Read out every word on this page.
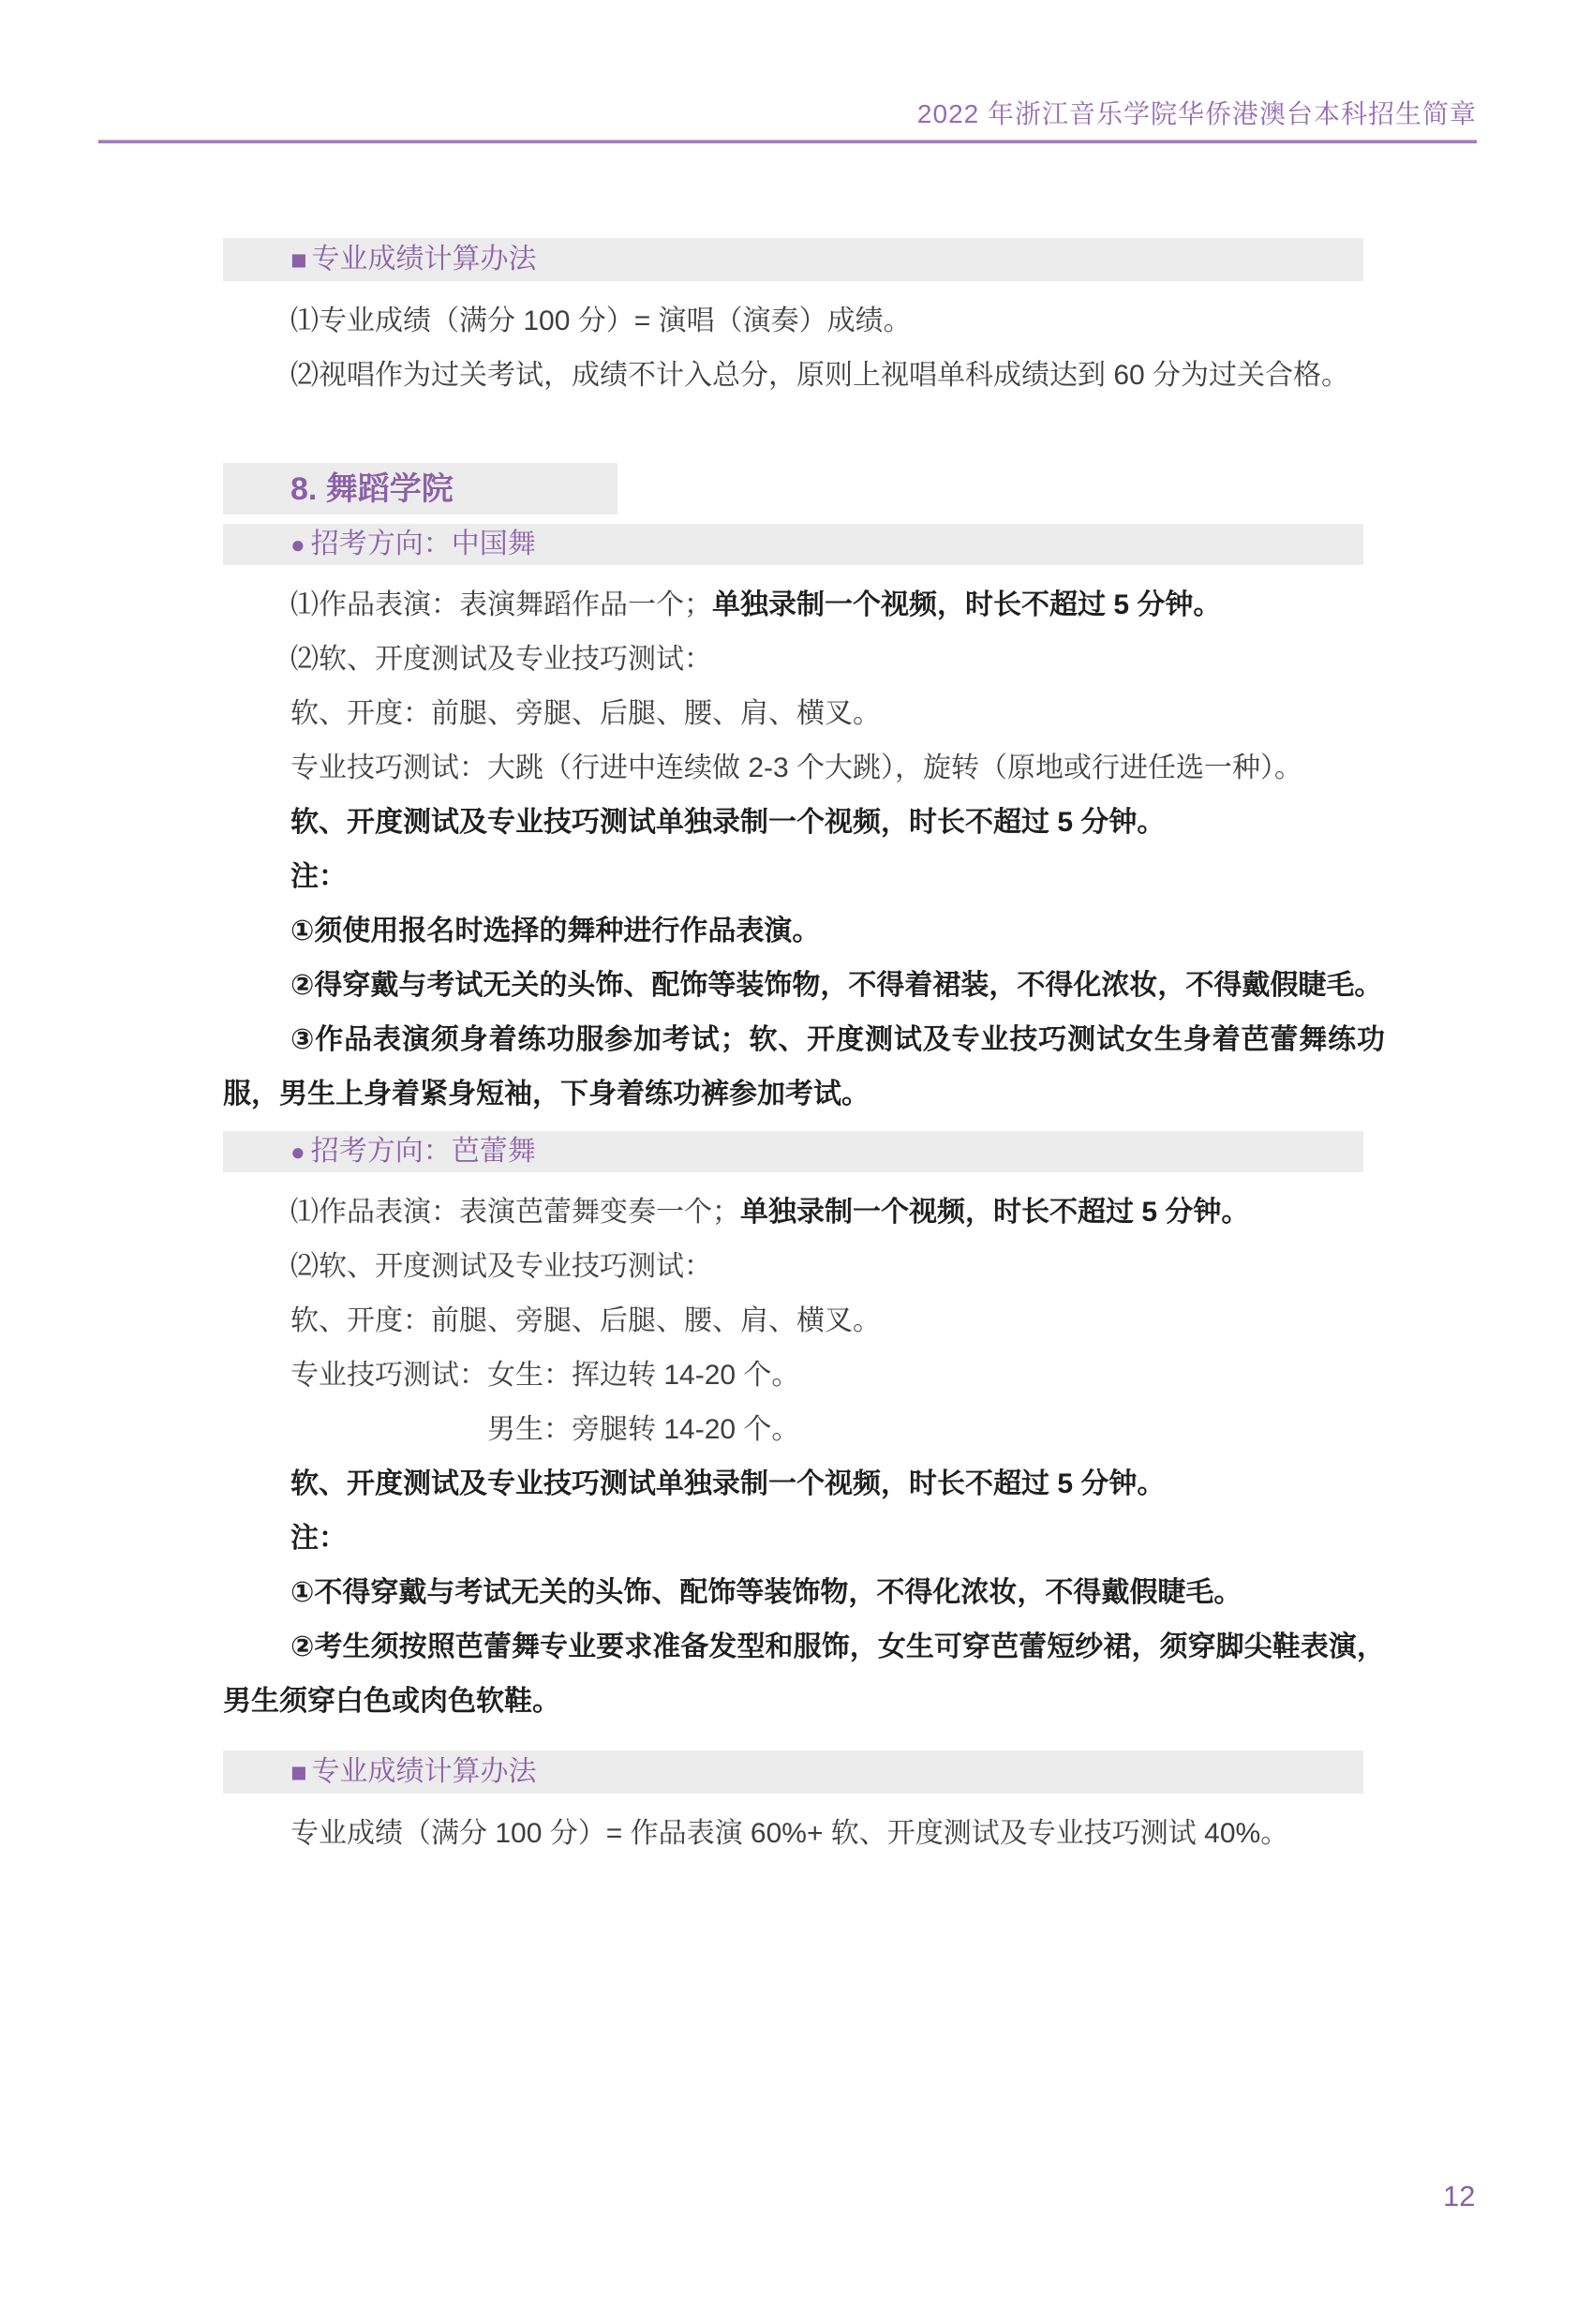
2022 年浙江音乐学院华侨港澳台本科招生简章
■ 专业成绩计算办法

⑴专业成绩（满分 100 分）= 演唱（演奏）成绩。

⑵视唱作为过关考试，成绩不计入总分，原则上视唱单科成绩达到 60 分为过关合格。

8. 舞蹈学院
● 招考方向：中国舞

⑴作品表演：表演舞蹈作品一个；单独录制一个视频，时长不超过 5 分钟。

⑵软、开度测试及专业技巧测试：

软、开度：前腿、旁腿、后腿、腰、肩、横叉。

专业技巧测试：大跳（行进中连续做 2-3 个大跳），旋转（原地或行进任选一种）。

软、开度测试及专业技巧测试单独录制一个视频，时长不超过 5 分钟。

注：

①须使用报名时选择的舞种进行作品表演。

②得穿戴与考试无关的头饰、配饰等装饰物，不得着裙装，不得化浓妆，不得戴假睫毛。

③作品表演须身着练功服参加考试；软、开度测试及专业技巧测试女生身着芭蕾舞练功服，男生上身着紧身短袖，下身着练功裤参加考试。

● 招考方向：芭蕾舞

⑴作品表演：表演芭蕾舞变奏一个；单独录制一个视频，时长不超过 5 分钟。

⑵软、开度测试及专业技巧测试：

软、开度：前腿、旁腿、后腿、腰、肩、横叉。

专业技巧测试：女生：挥边转 14-20 个。

男生：旁腿转 14-20 个。

软、开度测试及专业技巧测试单独录制一个视频，时长不超过 5 分钟。

注：

①不得穿戴与考试无关的头饰、配饰等装饰物，不得化浓妆，不得戴假睫毛。

②考生须按照芭蕾舞专业要求准备发型和服饰，女生可穿芭蕾短纱裙，须穿脚尖鞋表演，男生须穿白色或肉色软鞋。

■ 专业成绩计算办法

专业成绩（满分 100 分）= 作品表演 60%+ 软、开度测试及专业技巧测试 40%。

12
